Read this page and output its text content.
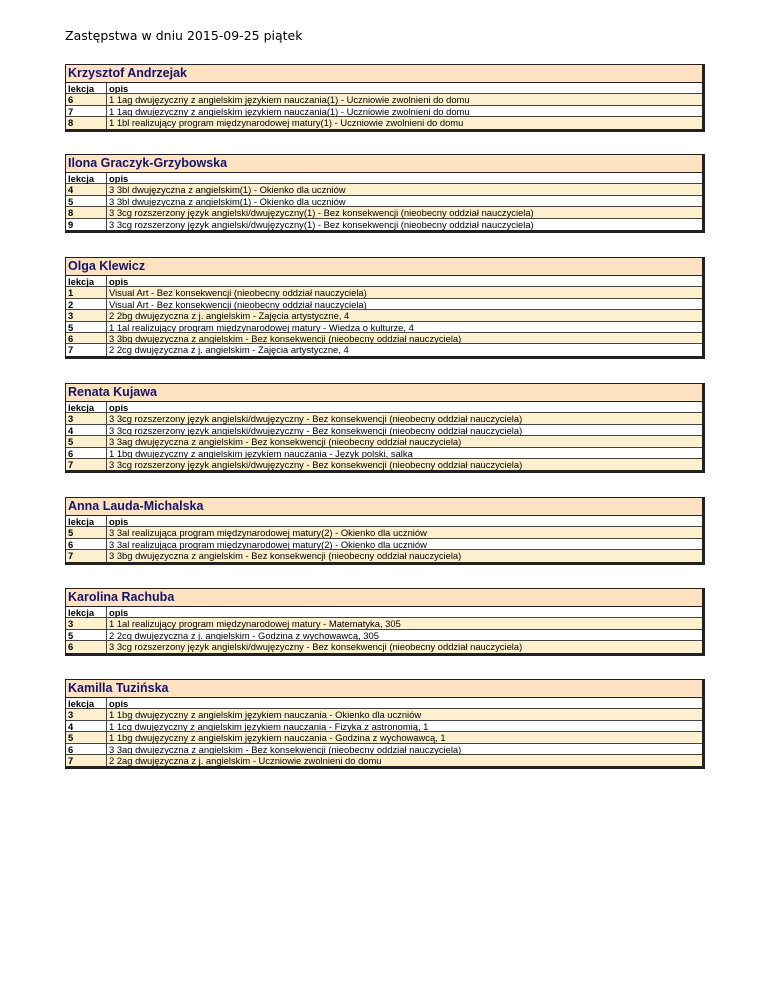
Zastępstwa w dniu 2015-09-25 piątek
Krzysztof Andrzejak
lekcja	opis
6	1 1ag dwujęzyczny z angielskim językiem nauczania(1) - Uczniowie zwolnieni do domu
7	1 1ag dwujęzyczny z angielskim językiem nauczania(1) - Uczniowie zwolnieni do domu
8	1 1bl realizujący program międzynarodowej matury(1) - Uczniowie zwolnieni do domu
Ilona Graczyk-Grzybowska
lekcja	opis
4	3 3bl dwujęzyczna z angielskim(1) - Okienko dla uczniów
5	3 3bl dwujęzyczna z angielskim(1) - Okienko dla uczniów
8	3 3cg rozszerzony język angielski/dwujęzyczny(1) - Bez konsekwencji (nieobecny oddział nauczyciela)
9	3 3cg rozszerzony język angielski/dwujęzyczny(1) - Bez konsekwencji (nieobecny oddział nauczyciela)
Olga Klewicz
lekcja	opis
1	Visual Art - Bez konsekwencji (nieobecny oddział nauczyciela)
2	Visual Art - Bez konsekwencji (nieobecny oddział nauczyciela)
3	2 2bg dwujęzyczna z j. angielskim - Zajęcia artystyczne, 4
5	1 1al realizujący program międzynarodowej matury - Wiedza o kulturze, 4
6	3 3bg dwujęzyczna z angielskim - Bez konsekwencji (nieobecny oddział nauczyciela)
7	2 2cg dwujęzyczna z j. angielskim - Zajęcia artystyczne, 4
Renata Kujawa
lekcja	opis
3	3 3cg rozszerzony język angielski/dwujęzyczny - Bez konsekwencji (nieobecny oddział nauczyciela)
4	3 3cg rozszerzony język angielski/dwujęzyczny - Bez konsekwencji (nieobecny oddział nauczyciela)
5	3 3ag dwujęzyczna z angielskim - Bez konsekwencji (nieobecny oddział nauczyciela)
6	1 1bg dwujęzyczny z angielskim językiem nauczania - Język polski, salka
7	3 3cg rozszerzony język angielski/dwujęzyczny - Bez konsekwencji (nieobecny oddział nauczyciela)
Anna Lauda-Michalska
lekcja	opis
5	3 3al realizująca program międzynarodowej matury(2) - Okienko dla uczniów
6	3 3al realizująca program międzynarodowej matury(2) - Okienko dla uczniów
7	3 3bg dwujęzyczna z angielskim - Bez konsekwencji (nieobecny oddział nauczyciela)
Karolina Rachuba
lekcja	opis
3	1 1al realizujący program międzynarodowej matury - Matematyka, 305
5	2 2cg dwujęzyczna z j. angielskim - Godzina z wychowawcą, 305
6	3 3cg rozszerzony język angielski/dwujęzyczny - Bez konsekwencji (nieobecny oddział nauczyciela)
Kamilla Tuzińska
lekcja	opis
3	1 1bg dwujęzyczny z angielskim językiem nauczania - Okienko dla uczniów
4	1 1cg dwujęzyczny z angielskim językiem nauczania - Fizyka z astronomią, 1
5	1 1bg dwujęzyczny z angielskim językiem nauczania - Godzina z wychowawcą, 1
6	3 3ag dwujęzyczna z angielskim - Bez konsekwencji (nieobecny oddział nauczyciela)
7	2 2ag dwujęzyczna z j. angielskim - Uczniowie zwolnieni do domu
